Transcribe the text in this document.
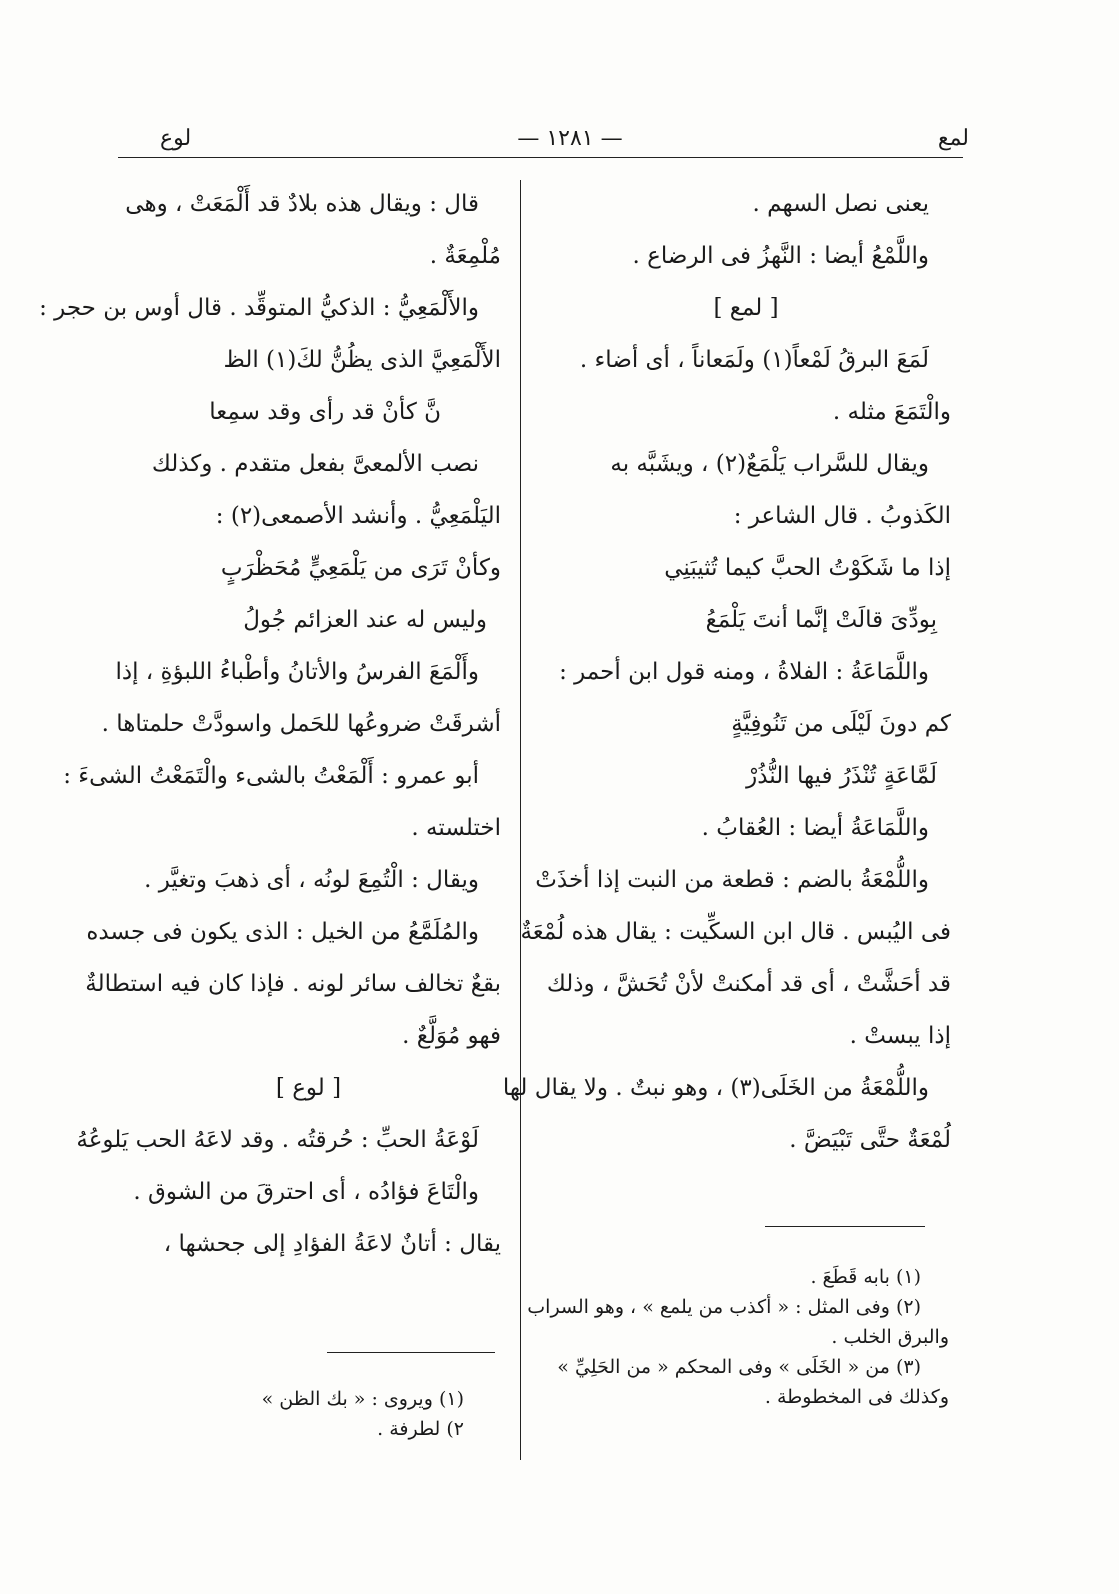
لمع
— ١٢٨١ —
لوع
يعنى نصل السهم .
واللَّمْعُ أيضا : النَّهزُ فى الرضاع .
[ لمع ]
لَمَعَ البرقُ لَمْعاً(١) ولَمَعاناً ، أى أضاء .
والْتَمَعَ مثله .
ويقال للسَّراب يَلْمَعٌ(٢) ، ويشَبَّه به
الكَذوبُ . قال الشاعر :
إذا ما شَكَوْتُ الحبَّ كيما تُثيبَنِي
بِودِّىَ قالَتْ إنَّما أنتَ يَلْمَعُ
واللَّمَاعَةُ : الفلاةُ ، ومنه قول ابن أحمر :
كم دونَ لَيْلَى من تَنُوفِيَّةٍ
لَمَّاعَةٍ تُنْذَرُ فيها النُّذُرْ
واللَّمَاعَةُ أيضا : العُقابُ .
واللُّمْعَةُ بالضم : قطعة من النبت إذا أخذَتْ
فى اليُبس . قال ابن السكِّيت : يقال هذه لُمْعَةٌ
قد أحَشَّتْ ، أى قد أمكنتْ لأنْ تُحَشَّ ، وذلك
إذا يبستْ .
واللُّمْعَةُ من الخَلَى(٣) ، وهو نبتٌ . ولا يقال لها
لُمْعَةٌ حتَّى تَبْيَضَّ .
قال : ويقال هذه بلادٌ قد أَلْمَعَتْ ، وهى
مُلْمِعَةٌ .
والأَلْمَعِيُّ : الذكيُّ المتوقِّد . قال أوس بن حجر :
الأَلْمَعِيَّ الذى يظُنُّ لكَ(١) الظ
نَّ كأنْ قد رأى وقد سمِعا
نصب الألمعىَّ بفعل متقدم . وكذلك
اليَلْمَعِيُّ . وأنشد الأصمعى(٢) :
وكأنْ تَرَى من يَلْمَعِيٍّ مُحَظْرَبٍ
وليس له عند العزائم جُولُ
وأَلْمَعَ الفرسُ والأتانُ وأطْباءُ اللبؤةِ ، إذا
أشرقَتْ ضروعُها للحَمل واسودَّتْ حلمتاها .
أبو عمرو : أَلْمَعْتُ بالشىء والْتَمَعْتُ الشىءَ :
اختلسته .
ويقال : الْتُمِعَ لونُه ، أى ذهبَ وتغيَّر .
والمُلَمَّعُ من الخيل : الذى يكون فى جسده
بقعٌ تخالف سائر لونه . فإذا كان فيه استطالةٌ
فهو مُوَلَّعٌ .
[ لوع ]
لَوْعَةُ الحبِّ : حُرقتُه . وقد لاعَهُ الحب يَلوعُهُ
والْتَاعَ فؤادُه ، أى احترقَ من الشوق .
يقال : أتانٌ لاعَةُ الفؤادِ إلى جحشها ،
(١) بابه قَطَعَ .
(٢) وفى المثل : « أكذب من يلمع » ، وهو السراب
والبرق الخلب .
(٣) من « الخَلَى » وفى المحكم « من الحَلِيِّ »
وكذلك فى المخطوطة .
(١) ويروى : « بك الظن »
٢) لطرفة .
